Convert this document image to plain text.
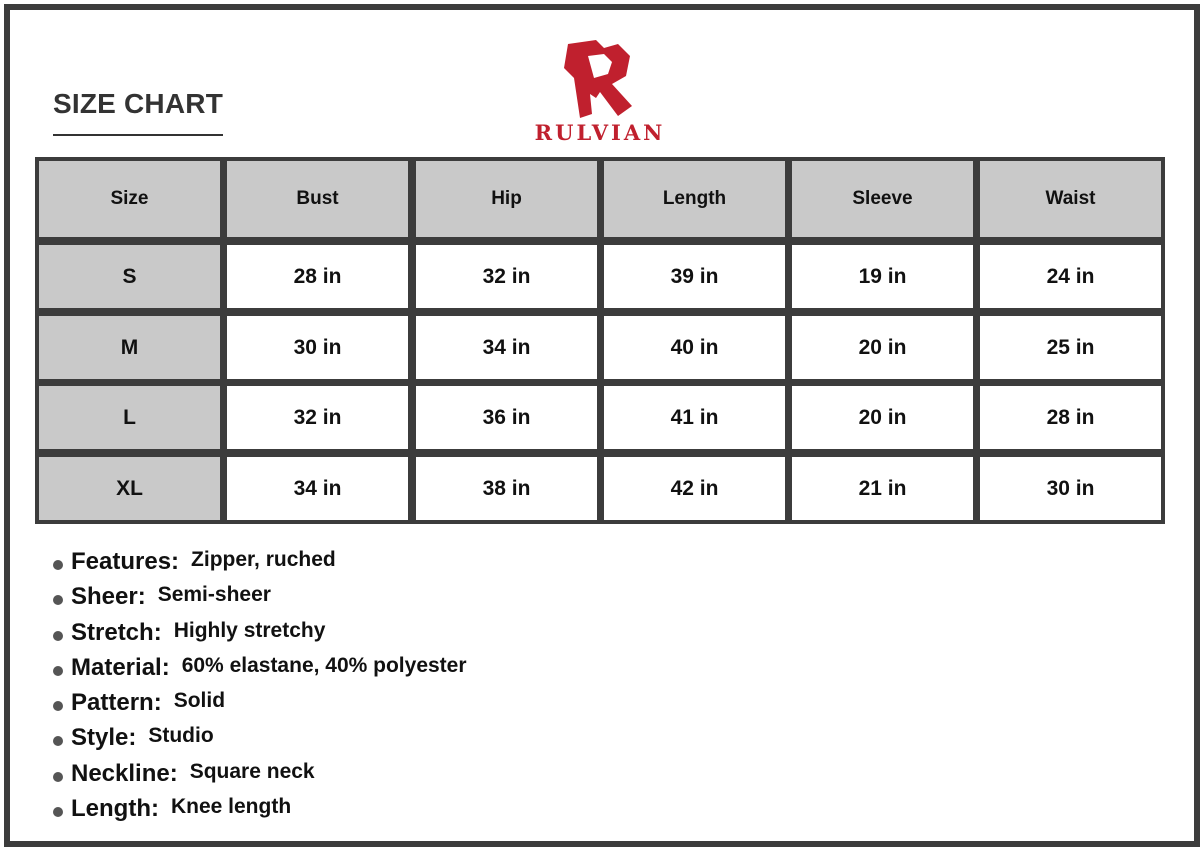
SIZE CHART
RULVIAN
Size	Bust	Hip	Length	Sleeve	Waist
S	28 in	32 in	39 in	19 in	24 in
M	30 in	34 in	40 in	20 in	25 in
L	32 in	36 in	41 in	20 in	28 in
XL	34 in	38 in	42 in	21 in	30 in
Features: Zipper, ruched
Sheer: Semi-sheer
Stretch: Highly stretchy
Material: 60% elastane, 40% polyester
Pattern: Solid
Style: Studio
Neckline: Square neck
Length: Knee length
